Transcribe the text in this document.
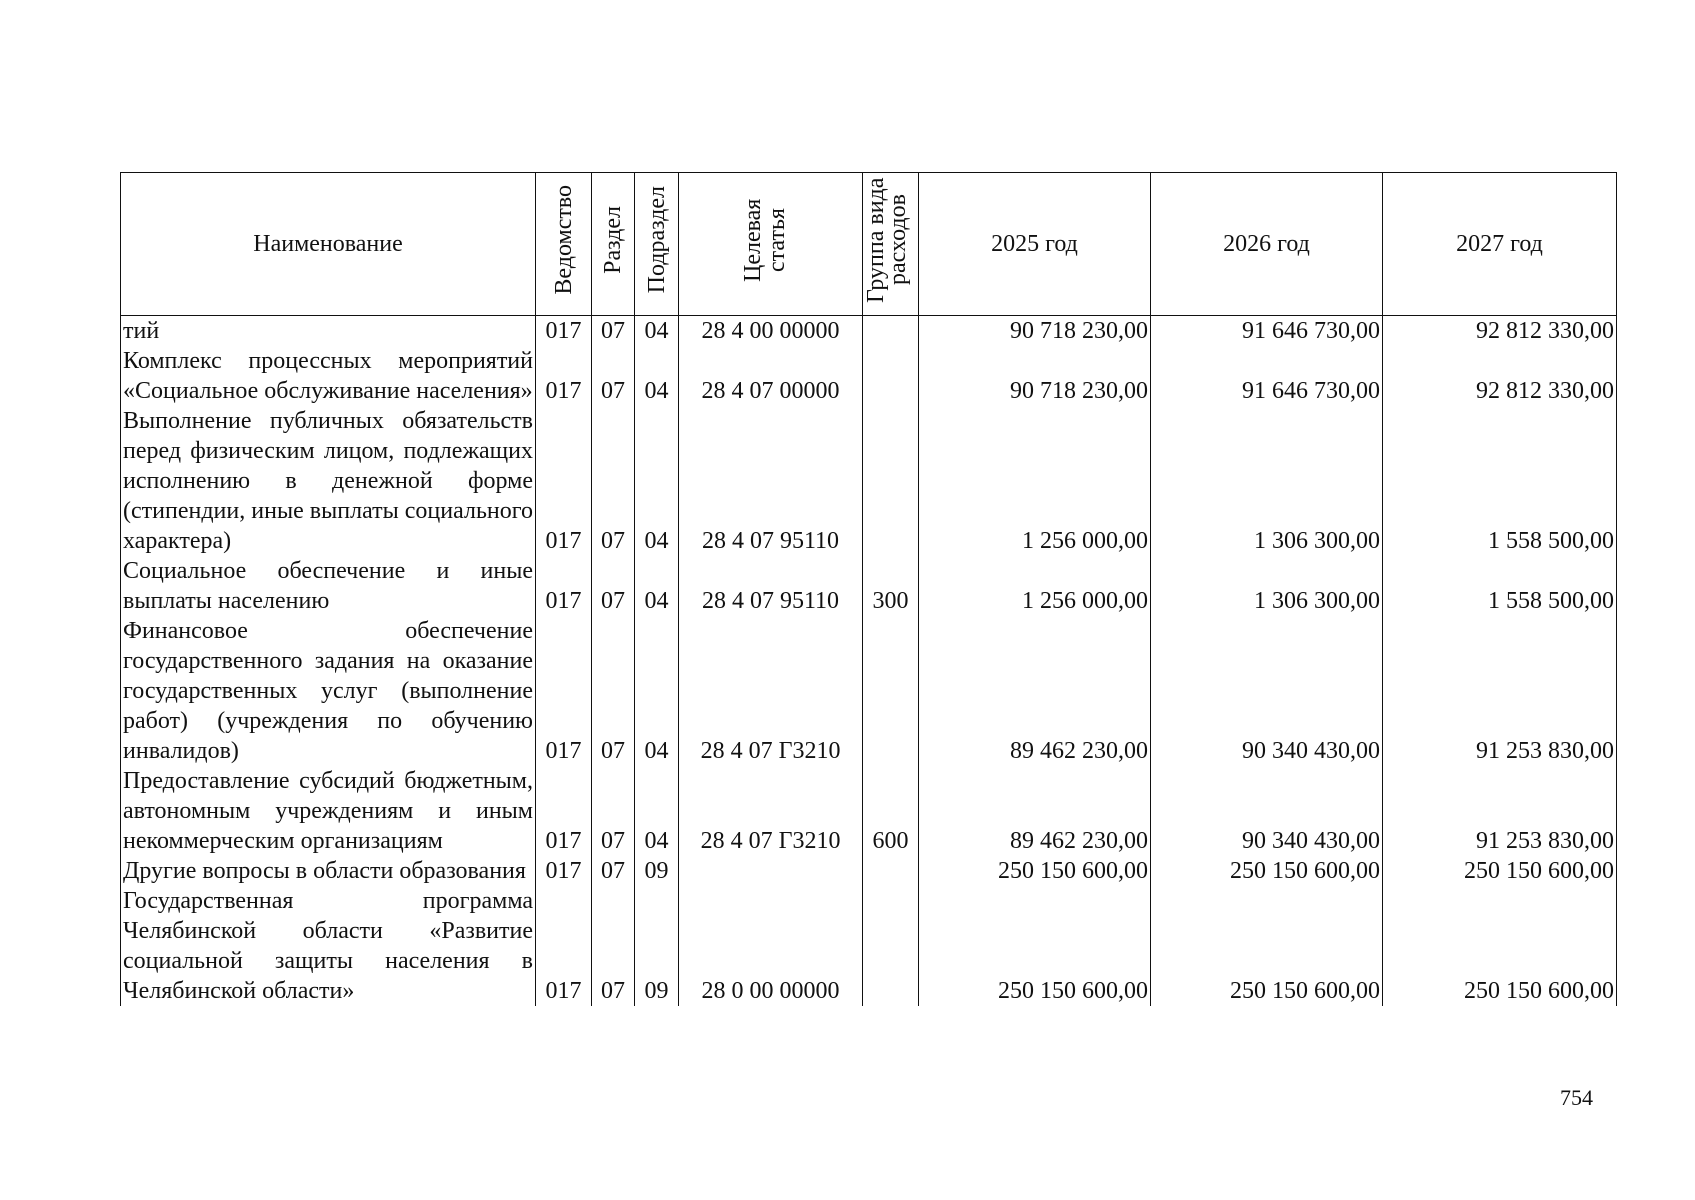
Наименование	Ведомство	Раздел	Подраздел	Целевая статья	Группа вида расходов	2025 год	2026 год	2027 год
тий	017	07	04	28 4 00 00000		90 718 230,00	91 646 730,00	92 812 330,00
Комплекс процессных мероприятий «Социальное обслуживание населения»	017	07	04	28 4 07 00000		90 718 230,00	91 646 730,00	92 812 330,00
Выполнение публичных обязательств перед физическим лицом, подлежащих исполнению в денежной форме (стипендии, иные выплаты социального характера)	017	07	04	28 4 07 95110		1 256 000,00	1 306 300,00	1 558 500,00
Социальное обеспечение и иные выплаты населению	017	07	04	28 4 07 95110	300	1 256 000,00	1 306 300,00	1 558 500,00
Финансовое обеспечение государственного задания на оказание государственных услуг (выполнение работ) (учреждения по обучению инвалидов)	017	07	04	28 4 07 Г3210		89 462 230,00	90 340 430,00	91 253 830,00
Предоставление субсидий бюджетным, автономным учреждениям и иным некоммерческим организациям	017	07	04	28 4 07 Г3210	600	89 462 230,00	90 340 430,00	91 253 830,00
Другие вопросы в области образования	017	07	09			250 150 600,00	250 150 600,00	250 150 600,00
Государственная программа Челябинской области «Развитие социальной защиты населения в Челябинской области»	017	07	09	28 0 00 00000		250 150 600,00	250 150 600,00	250 150 600,00
754
